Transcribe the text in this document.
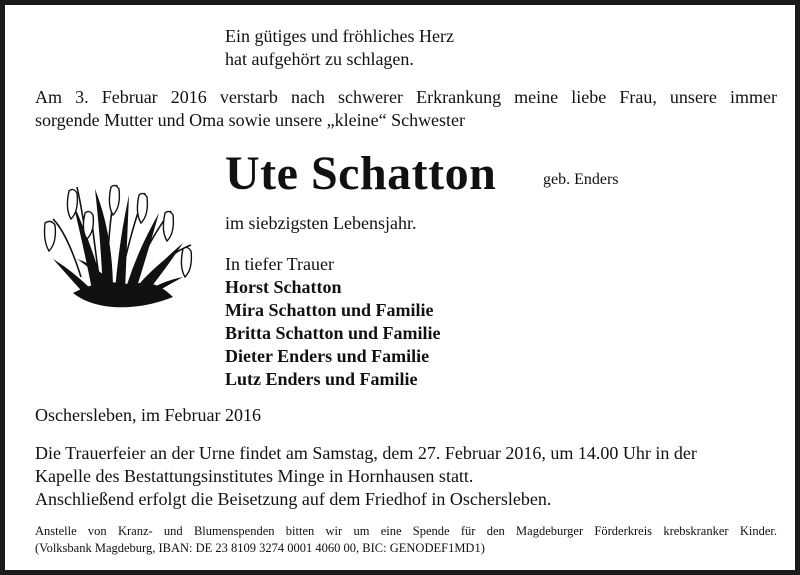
Ein gütiges und fröhliches Herz
hat aufgehört zu schlagen.
Am 3. Februar 2016 verstarb nach schwerer Erkrankung meine liebe Frau, unsere immer
sorgende Mutter und Oma sowie unsere „kleine“ Schwester
Ute Schatton	geb. Enders
im siebzigsten Lebensjahr.
In tiefer Trauer
Horst Schatton
Mira Schatton und Familie
Britta Schatton und Familie
Dieter Enders und Familie
Lutz Enders und Familie
Oschersleben, im Februar 2016
Die Trauerfeier an der Urne findet am Samstag, dem 27. Februar 2016, um 14.00 Uhr in der
Kapelle des Bestattungsinstitutes Minge in Hornhausen statt.
Anschließend erfolgt die Beisetzung auf dem Friedhof in Oschersleben.
Anstelle von Kranz- und Blumenspenden bitten wir um eine Spende für den Magdeburger Förderkreis krebskranker Kinder.
(Volksbank Magdeburg, IBAN: DE 23 8109 3274 0001 4060 00, BIC: GENODEF1MD1)
